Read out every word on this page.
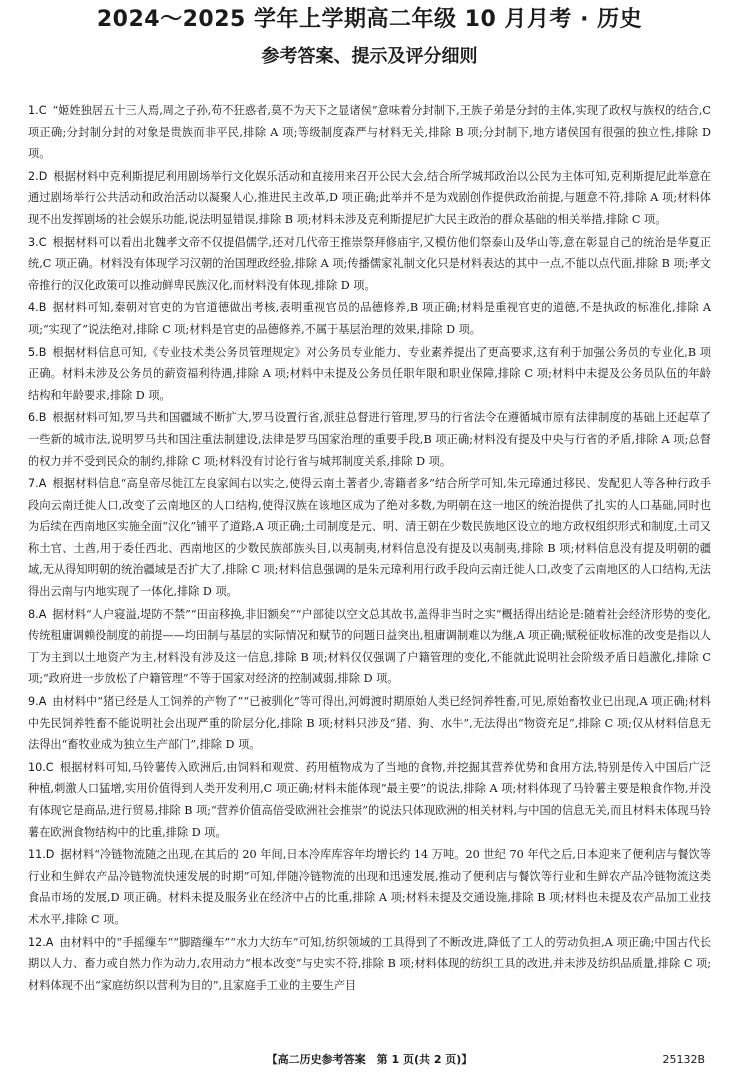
2024～2025 学年上学期高二年级 10 月月考 · 历史
参考答案、提示及评分细则

1.C “姬姓独居五十三人焉,周之子孙,苟不狂惑者,莫不为天下之显诸侯”意味着分封制下,王族子弟是分封的主体,实现了政权与族权的结合,C 项正确;分封制分封的对象是贵族而非平民,排除 A 项;等级制度森严与材料无关,排除 B 项;分封制下,地方诸侯国有很强的独立性,排除 D 项。

2.D 根据材料中克利斯提尼利用剧场举行文化娱乐活动和直接用来召开公民大会,结合所学城邦政治以公民为主体可知,克利斯提尼此举意在通过剧场举行公共活动和政治活动以凝聚人心,推进民主改革,D 项正确;此举并不是为戏剧创作提供政治前提,与题意不符,排除 A 项;材料体现不出发挥剧场的社会娱乐功能,说法明显错误,排除 B 项;材料未涉及克利斯提尼扩大民主政治的群众基础的相关举措,排除 C 项。

3.C 根据材料可以看出北魏孝文帝不仅提倡儒学,还对几代帝王推崇祭拜修庙宇,又模仿他们祭泰山及华山等,意在彰显自己的统治是华夏正统,C 项正确。材料没有体现学习汉朝的治国理政经验,排除 A 项;传播儒家礼制文化只是材料表达的其中一点,不能以点代面,排除 B 项;孝文帝推行的汉化政策可以推动鲜卑民族汉化,而材料没有体现,排除 D 项。

4.B 据材料可知,秦朝对官吏的为官道德做出考核,表明重视官员的品德修养,B 项正确;材料是重视官吏的道德,不是执政的标准化,排除 A 项;“实现了”说法绝对,排除 C 项;材料是官吏的品德修养,不属于基层治理的效果,排除 D 项。

5.B 根据材料信息可知,《专业技术类公务员管理规定》对公务员专业能力、专业素养提出了更高要求,这有利于加强公务员的专业化,B 项正确。材料未涉及公务员的薪资福利待遇,排除 A 项;材料中未提及公务员任职年限和职业保障,排除 C 项;材料中未提及公务员队伍的年龄结构和年龄要求,排除 D 项。

6.B 根据材料可知,罗马共和国疆域不断扩大,罗马设置行省,派驻总督进行管理,罗马的行省法令在遵循城市原有法律制度的基础上还起草了一些新的城市法,说明罗马共和国注重法制建设,法律是罗马国家治理的重要手段,B 项正确;材料没有提及中央与行省的矛盾,排除 A 项;总督的权力并不受到民众的制约,排除 C 项;材料没有讨论行省与城邦制度关系,排除 D 项。

7.A 根据材料信息“高皇帝尽徙江左良家闾右以实之,使得云南土著者少,寄籍者多”结合所学可知,朱元璋通过移民、发配犯人等各种行政手段向云南迁徙人口,改变了云南地区的人口结构,使得汉族在该地区成为了绝对多数,为明朝在这一地区的统治提供了扎实的人口基础,同时也为后续在西南地区实施全面“汉化”铺平了道路,A 项正确;土司制度是元、明、清王朝在少数民族地区设立的地方政权组织形式和制度,土司又称土官、土酋,用于委任西北、西南地区的少数民族部族头目,以夷制夷,材料信息没有提及以夷制夷,排除 B 项;材料信息没有提及明朝的疆域,无从得知明朝的统治疆域是否扩大了,排除 C 项;材料信息强调的是朱元璋利用行政手段向云南迁徙人口,改变了云南地区的人口结构,无法得出云南与内地实现了一体化,排除 D 项。

8.A 据材料“人户寝溢,堤防不禁”“田亩移换,非旧额矣”“户部徒以空文总其故书,盖得非当时之实”概括得出结论是:随着社会经济形势的变化,传统租庸调赖役制度的前提——均田制与基层的实际情况和赋节的问题日益突出,租庸调制难以为继,A 项正确;赋税征收标准的改变是指以人丁为主到以土地资产为主,材料没有涉及这一信息,排除 B 项;材料仅仅强调了户籍管理的变化,不能就此说明社会阶级矛盾日趋激化,排除 C 项;“政府进一步放松了户籍管理”不等于国家对经济的控制减弱,排除 D 项。

9.A 由材料中“猪已经是人工饲养的产物了”“已被驯化”等可得出,河姆渡时期原始人类已经饲养牲畜,可见,原始畜牧业已出现,A 项正确;材料中先民饲养牲畜不能说明社会出现严重的阶层分化,排除 B 项;材料只涉及“猪、狗、水牛”,无法得出“物资充足”,排除 C 项;仅从材料信息无法得出“畜牧业成为独立生产部门”,排除 D 项。

10.C 根据材料可知,马铃薯传入欧洲后,由饲料和观赏、药用植物成为了当地的食物,并挖掘其营养优势和食用方法,特别是传入中国后广泛种植,刺激人口猛增,实用价值得到人类开发利用,C 项正确;材料未能体现“最主要”的说法,排除 A 项;材料体现了马铃薯主要是粮食作物,并没有体现它是商品,进行贸易,排除 B 项;“营养价值高倍受欧洲社会推崇”的说法只体现欧洲的相关材料,与中国的信息无关,而且材料未体现马铃薯在欧洲食物结构中的比重,排除 D 项。

11.D 据材料“冷链物流随之出现,在其后的 20 年间,日本冷库库容年均增长约 14 万吨。20 世纪 70 年代之后,日本迎来了便利店与餐饮等行业和生鲜农产品冷链物流快速发展的时期”可知,伴随冷链物流的出现和迅速发展,推动了便利店与餐饮等行业和生鲜农产品冷链物流这类食品市场的发展,D 项正确。材料未提及服务业在经济中占的比重,排除 A 项;材料未提及交通设施,排除 B 项;材料也未提及农产品加工业技术水平,排除 C 项。

12.A 由材料中的“手摇缫车”“脚踏缫车”“水力大纺车”可知,纺织领域的工具得到了不断改进,降低了工人的劳动负担,A 项正确;中国古代长期以人力、畜力或自然力作为动力,农用动力“根本改变”与史实不符,排除 B 项;材料体现的纺织工具的改进,并未涉及纺织品质量,排除 C 项;材料体现不出“家庭纺织以营利为目的”,且家庭手工业的主要生产目

【高二历史参考答案　第 1 页(共 2 页)】	25132B
